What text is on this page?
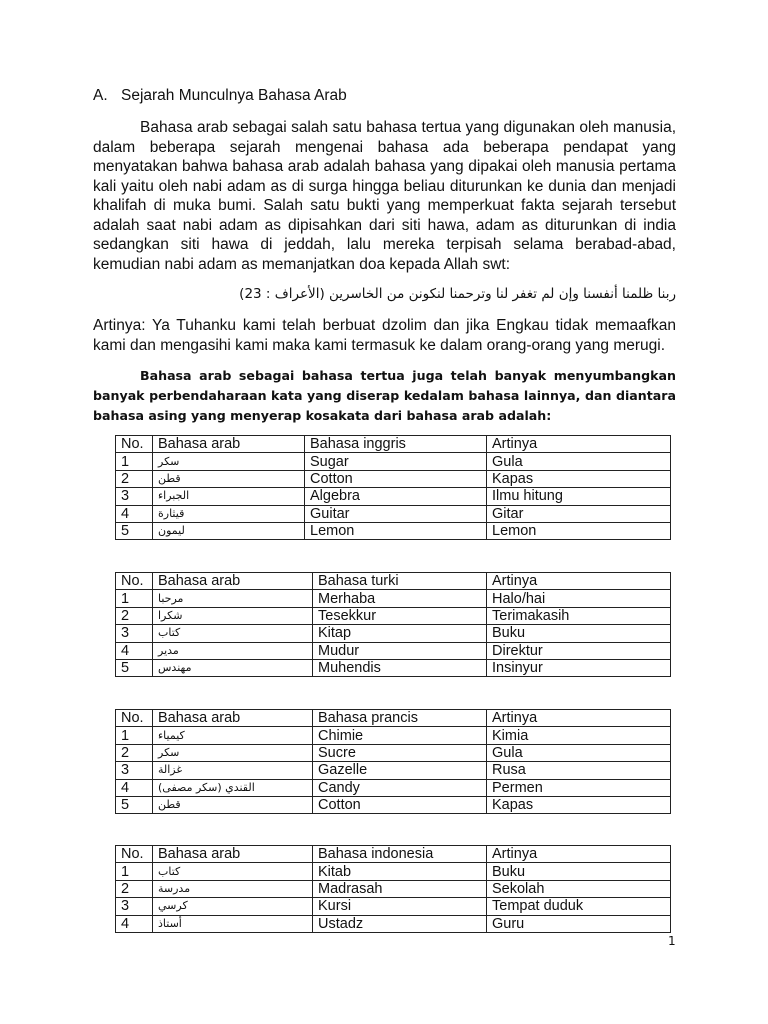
A. Sejarah Munculnya Bahasa Arab

Bahasa arab sebagai salah satu bahasa tertua yang digunakan oleh manusia, dalam beberapa sejarah mengenai bahasa ada beberapa pendapat yang menyatakan bahwa bahasa arab adalah bahasa yang dipakai oleh manusia pertama kali yaitu oleh nabi adam as di surga hingga beliau diturunkan ke dunia dan menjadi khalifah di muka bumi. Salah satu bukti yang memperkuat fakta sejarah tersebut adalah saat nabi adam as dipisahkan dari siti hawa, adam as diturunkan di india sedangkan siti hawa di jeddah, lalu mereka terpisah selama berabad-abad, kemudian nabi adam as memanjatkan doa kepada Allah swt:

ربنا ظلمنا أنفسنا وإن لم تغفر لنا وترحمنا لنكونن من الخاسرين (الأعراف : 23)

Artinya: Ya Tuhanku kami telah berbuat dzolim dan jika Engkau tidak memaafkan kami dan mengasihi kami maka kami termasuk ke dalam orang-orang yang merugi.

Bahasa arab sebagai bahasa tertua juga telah banyak menyumbangkan banyak perbendaharaan kata yang diserap kedalam bahasa lainnya, dan diantara bahasa asing yang menyerap kosakata dari bahasa arab adalah:

No.	Bahasa arab	Bahasa inggris	Artinya
1	سكر	Sugar	Gula
2	قطن	Cotton	Kapas
3	الجبراء	Algebra	Ilmu hitung
4	قيثارة	Guitar	Gitar
5	ليمون	Lemon	Lemon
No.	Bahasa arab	Bahasa turki	Artinya
1	مرحبا	Merhaba	Halo/hai
2	شكرا	Tesekkur	Terimakasih
3	كتاب	Kitap	Buku
4	مدير	Mudur	Direktur
5	مهندس	Muhendis	Insinyur
No.	Bahasa arab	Bahasa prancis	Artinya
1	كيمياء	Chimie	Kimia
2	سكر	Sucre	Gula
3	غزالة	Gazelle	Rusa
4	القندي (سكر مصفى)	Candy	Permen
5	قطن	Cotton	Kapas
No.	Bahasa arab	Bahasa indonesia	Artinya
1	كتاب	Kitab	Buku
2	مدرسة	Madrasah	Sekolah
3	كرسي	Kursi	Tempat duduk
4	أستاذ	Ustadz	Guru
1
